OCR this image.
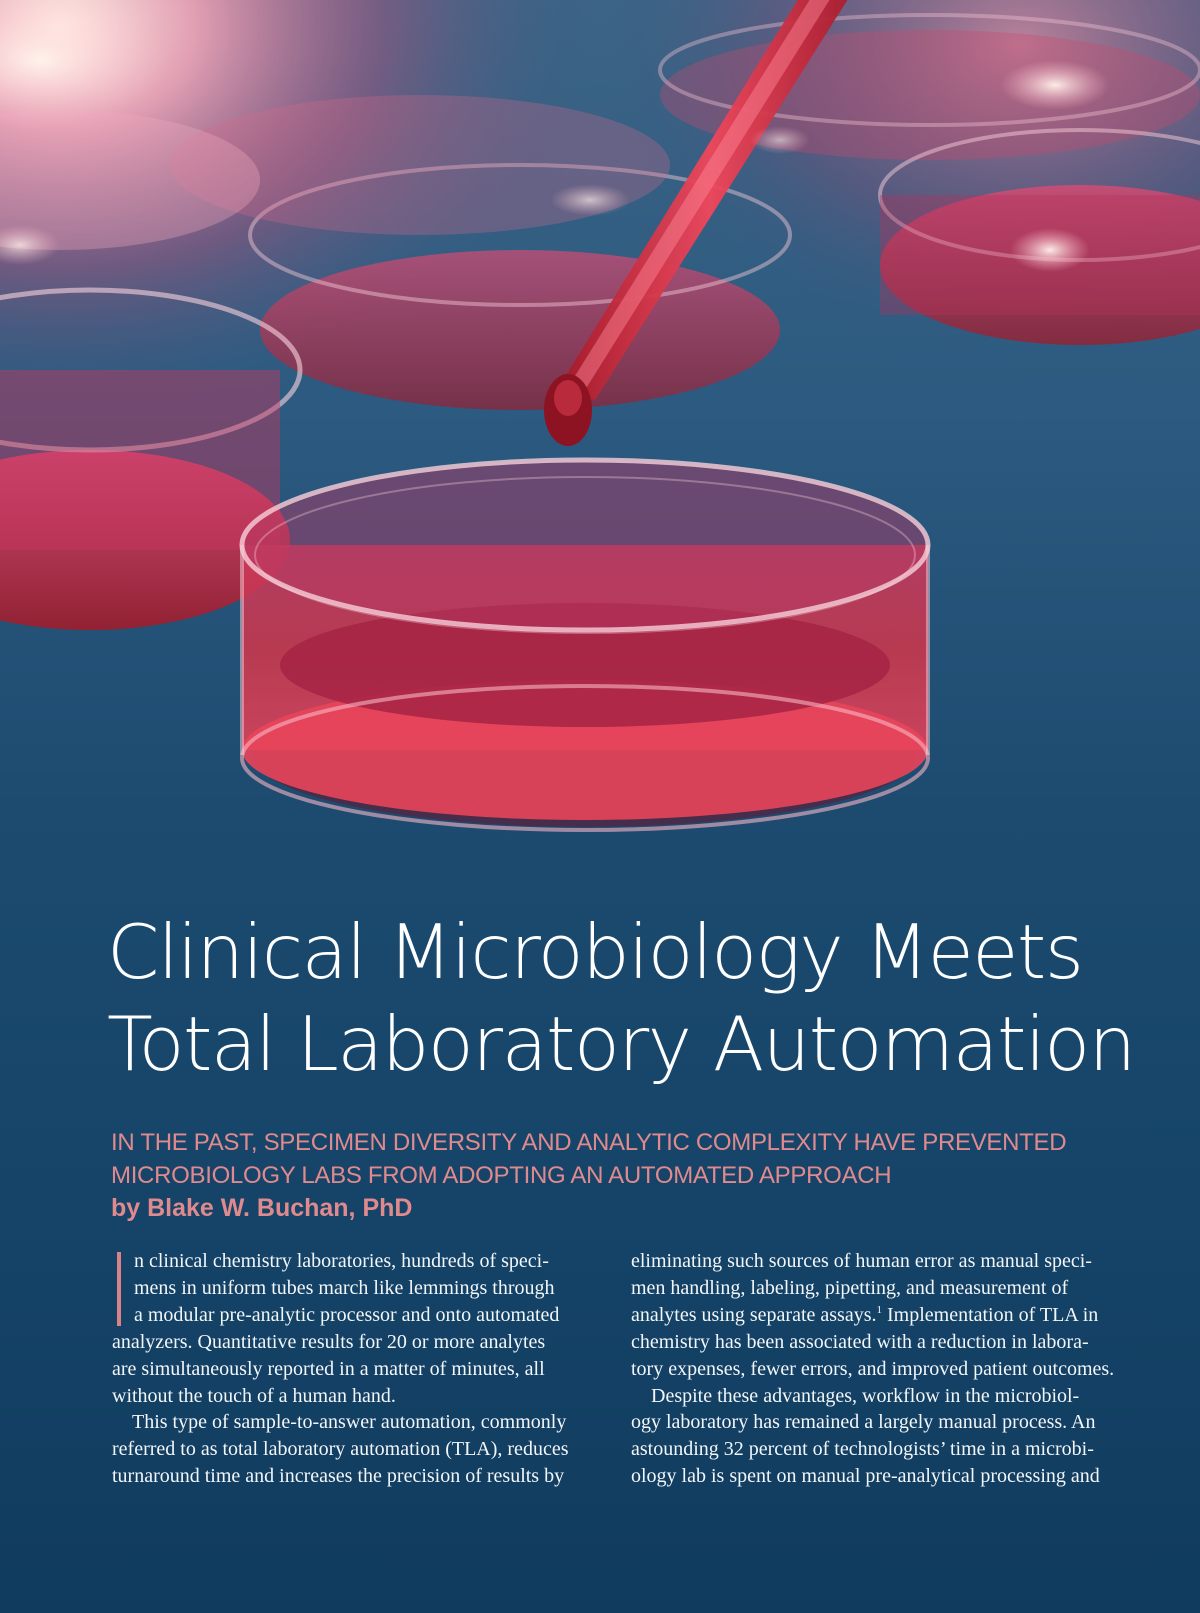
Clinical Microbiology Meets
Total Laboratory Automation

IN THE PAST, SPECIMEN DIVERSITY AND ANALYTIC COMPLEXITY HAVE PREVENTED
MICROBIOLOGY LABS FROM ADOPTING AN AUTOMATED APPROACH

by Blake W. Buchan, PhD

n clinical chemistry laboratories, hundreds of speci-
mens in uniform tubes march like lemmings through
a modular pre-analytic processor and onto automated
analyzers. Quantitative results for 20 or more analytes
are simultaneously reported in a matter of minutes, all
without the touch of a human hand.
This type of sample-to-answer automation, commonly
referred to as total laboratory automation (TLA), reduces
turnaround time and increases the precision of results by
eliminating such sources of human error as manual speci-
men handling, labeling, pipetting, and measurement of
analytes using separate assays.$^1$ Implementation of TLA in
chemistry has been associated with a reduction in labora-
tory expenses, fewer errors, and improved patient outcomes.
Despite these advantages, workflow in the microbiol-
ogy laboratory has remained a largely manual process. An
astounding 32 percent of technologists’ time in a microbi-
ology lab is spent on manual pre-analytical processing and
